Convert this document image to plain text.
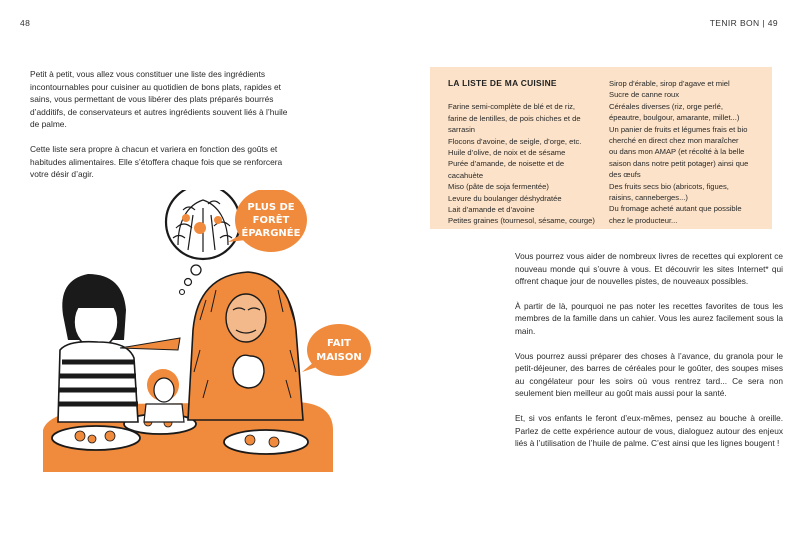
48	TENIR BON | 49

Petit à petit, vous allez vous constituer une liste des ingrédients incontournables pour cuisiner au quotidien de bons plats, rapides et sains, vous permettant de vous libérer des plats préparés bourrés d’additifs, de conservateurs et autres ingrédients souvent liés à l’huile de palme.

Cette liste sera propre à chacun et variera en fonction des goûts et habitudes alimentaires. Elle s’étoffera chaque fois que se renforcera votre désir d’agir.

LA LISTE DE MA CUISINE
Farine semi-complète de blé et de riz,
farine de lentilles, de pois chiches et de
sarrasin
Flocons d’avoine, de seigle, d’orge, etc.
Huile d’olive, de noix et de sésame
Purée d’amande, de noisette et de
cacahuète
Miso (pâte de soja fermentée)
Levure du boulanger déshydratée
Lait d’amande et d’avoine
Petites graines (tournesol, sésame, courge)
Sirop d’érable, sirop d’agave et miel
Sucre de canne roux
Céréales diverses (riz, orge perlé,
épeautre, boulgour, amarante, millet...)
Un panier de fruits et légumes frais et bio
cherché en direct chez mon maraîcher
ou dans mon AMAP (et récolté à la belle
saison dans notre petit potager) ainsi que
des œufs
Des fruits secs bio (abricots, figues,
raisins, canneberges...)
Du fromage acheté autant que possible
chez le producteur...
PLUS DE
FORÊT
ÉPARGNÉE
FAIT
MAISON

Vous pourrez vous aider de nombreux livres de recettes qui explorent ce nouveau monde qui s’ouvre à vous. Et découvrir les sites Internet* qui offrent chaque jour de nouvelles pistes, de nouveaux possibles.

À partir de là, pourquoi ne pas noter les recettes favorites de tous les membres de la famille dans un cahier. Vous les aurez facilement sous la main.

Vous pourrez aussi préparer des choses à l’avance, du granola pour le petit-déjeuner, des barres de céréales pour le goûter, des soupes mises au congélateur pour les soirs où vous rentrez tard... Ce sera non seulement bien meilleur au goût mais aussi pour la santé.

Et, si vos enfants le feront d’eux-mêmes, pensez au bouche à oreille. Parlez de cette expérience autour de vous, dialoguez autour des enjeux liés à l’utilisation de l’huile de palme. C’est ainsi que les lignes bougent !
